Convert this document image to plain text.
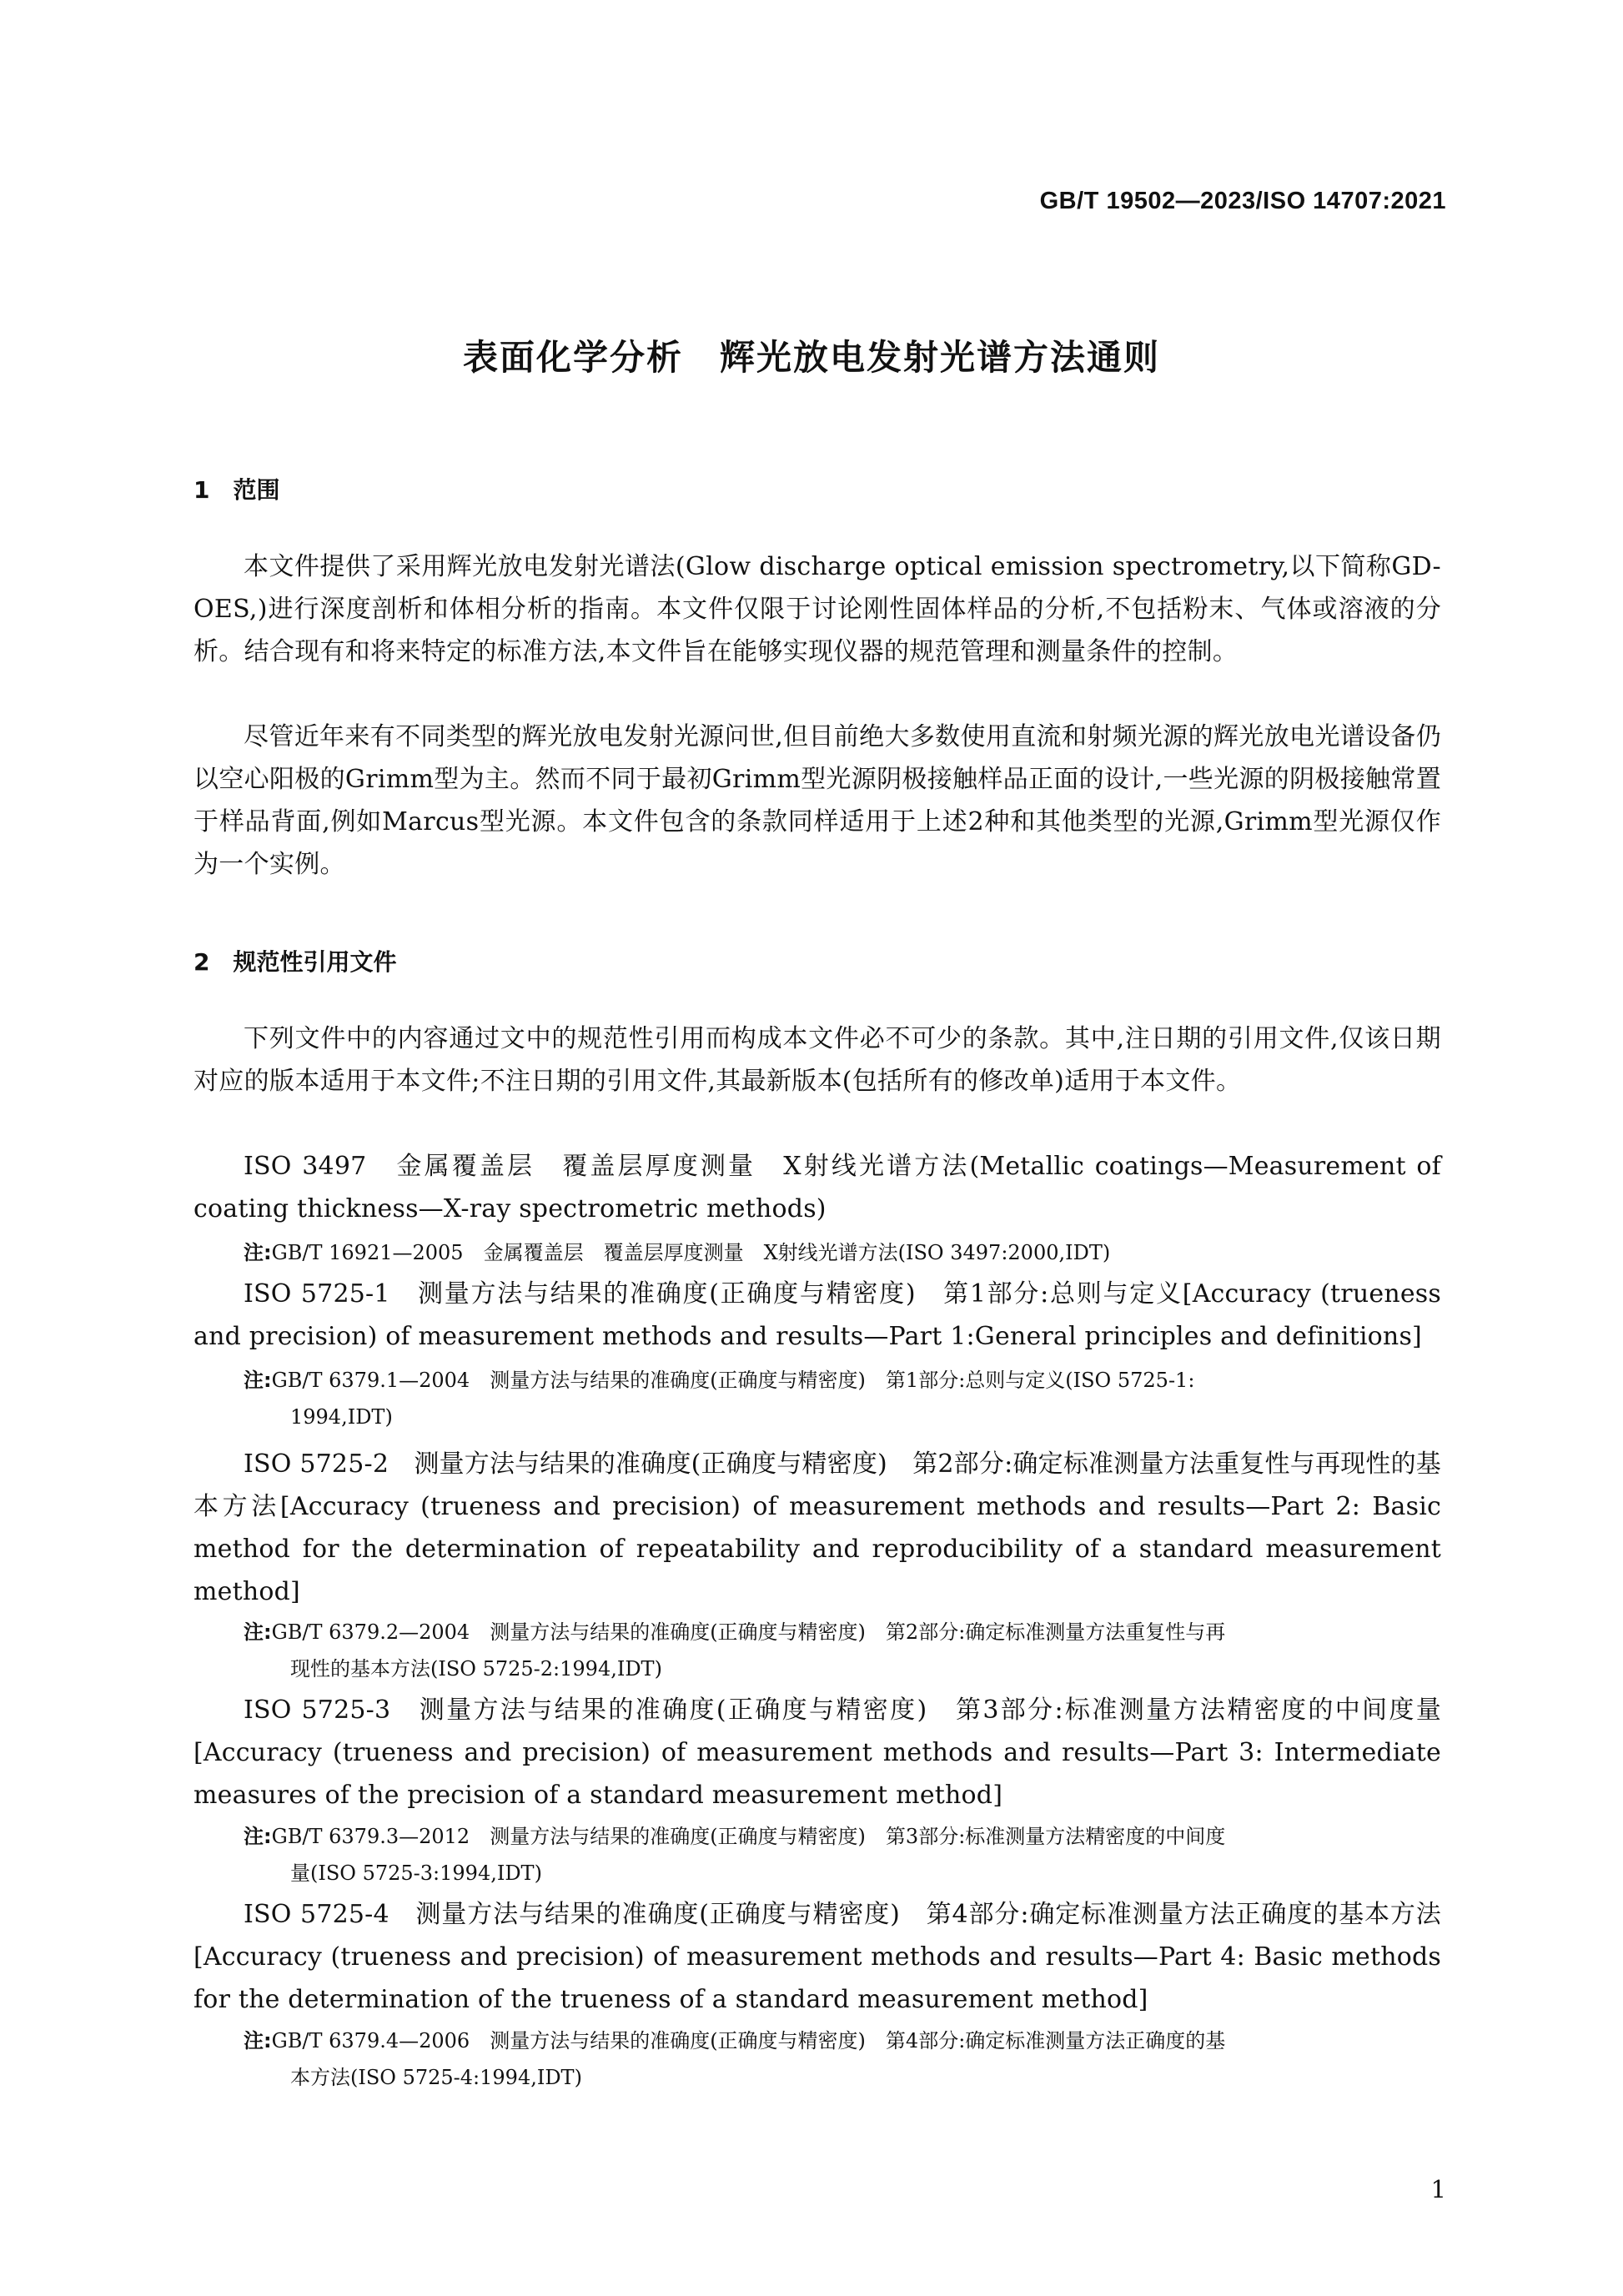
GB/T 19502—2023/ISO 14707:2021
表面化学分析　辉光放电发射光谱方法通则
1　范围
本文件提供了采用辉光放电发射光谱法(Glow discharge optical emission spectrometry,以下简称GD-OES,)进行深度剖析和体相分析的指南。本文件仅限于讨论刚性固体样品的分析,不包括粉末、气体或溶液的分析。结合现有和将来特定的标准方法,本文件旨在能够实现仪器的规范管理和测量条件的控制。
尽管近年来有不同类型的辉光放电发射光源问世,但目前绝大多数使用直流和射频光源的辉光放电光谱设备仍以空心阳极的Grimm型为主。然而不同于最初Grimm型光源阴极接触样品正面的设计,一些光源的阴极接触常置于样品背面,例如Marcus型光源。本文件包含的条款同样适用于上述2种和其他类型的光源,Grimm型光源仅作为一个实例。
2　规范性引用文件
下列文件中的内容通过文中的规范性引用而构成本文件必不可少的条款。其中,注日期的引用文件,仅该日期对应的版本适用于本文件;不注日期的引用文件,其最新版本(包括所有的修改单)适用于本文件。
ISO 3497　金属覆盖层　覆盖层厚度测量　X射线光谱方法(Metallic coatings—Measurement of coating thickness—X-ray spectrometric methods)
注:GB/T 16921—2005　金属覆盖层　覆盖层厚度测量　X射线光谱方法(ISO 3497:2000,IDT)
ISO 5725-1　测量方法与结果的准确度(正确度与精密度)　第1部分:总则与定义[Accuracy (trueness and precision) of measurement methods and results—Part 1:General principles and definitions]
注:GB/T 6379.1—2004　测量方法与结果的准确度(正确度与精密度)　第1部分:总则与定义(ISO 5725-1:
1994,IDT)
ISO 5725-2　测量方法与结果的准确度(正确度与精密度)　第2部分:确定标准测量方法重复性与再现性的基本方法[Accuracy (trueness and precision) of measurement methods and results—Part 2: Basic method for the determination of repeatability and reproducibility of a standard measurement method]
注:GB/T 6379.2—2004　测量方法与结果的准确度(正确度与精密度)　第2部分:确定标准测量方法重复性与再
现性的基本方法(ISO 5725-2:1994,IDT)
ISO 5725-3　测量方法与结果的准确度(正确度与精密度)　第3部分:标准测量方法精密度的中间度量[Accuracy (trueness and precision) of measurement methods and results—Part 3: Intermediate measures of the precision of a standard measurement method]
注:GB/T 6379.3—2012　测量方法与结果的准确度(正确度与精密度)　第3部分:标准测量方法精密度的中间度
量(ISO 5725-3:1994,IDT)
ISO 5725-4　测量方法与结果的准确度(正确度与精密度)　第4部分:确定标准测量方法正确度的基本方法[Accuracy (trueness and precision) of measurement methods and results—Part 4: Basic methods for the determination of the trueness of a standard measurement method]
注:GB/T 6379.4—2006　测量方法与结果的准确度(正确度与精密度)　第4部分:确定标准测量方法正确度的基
本方法(ISO 5725-4:1994,IDT)
1
